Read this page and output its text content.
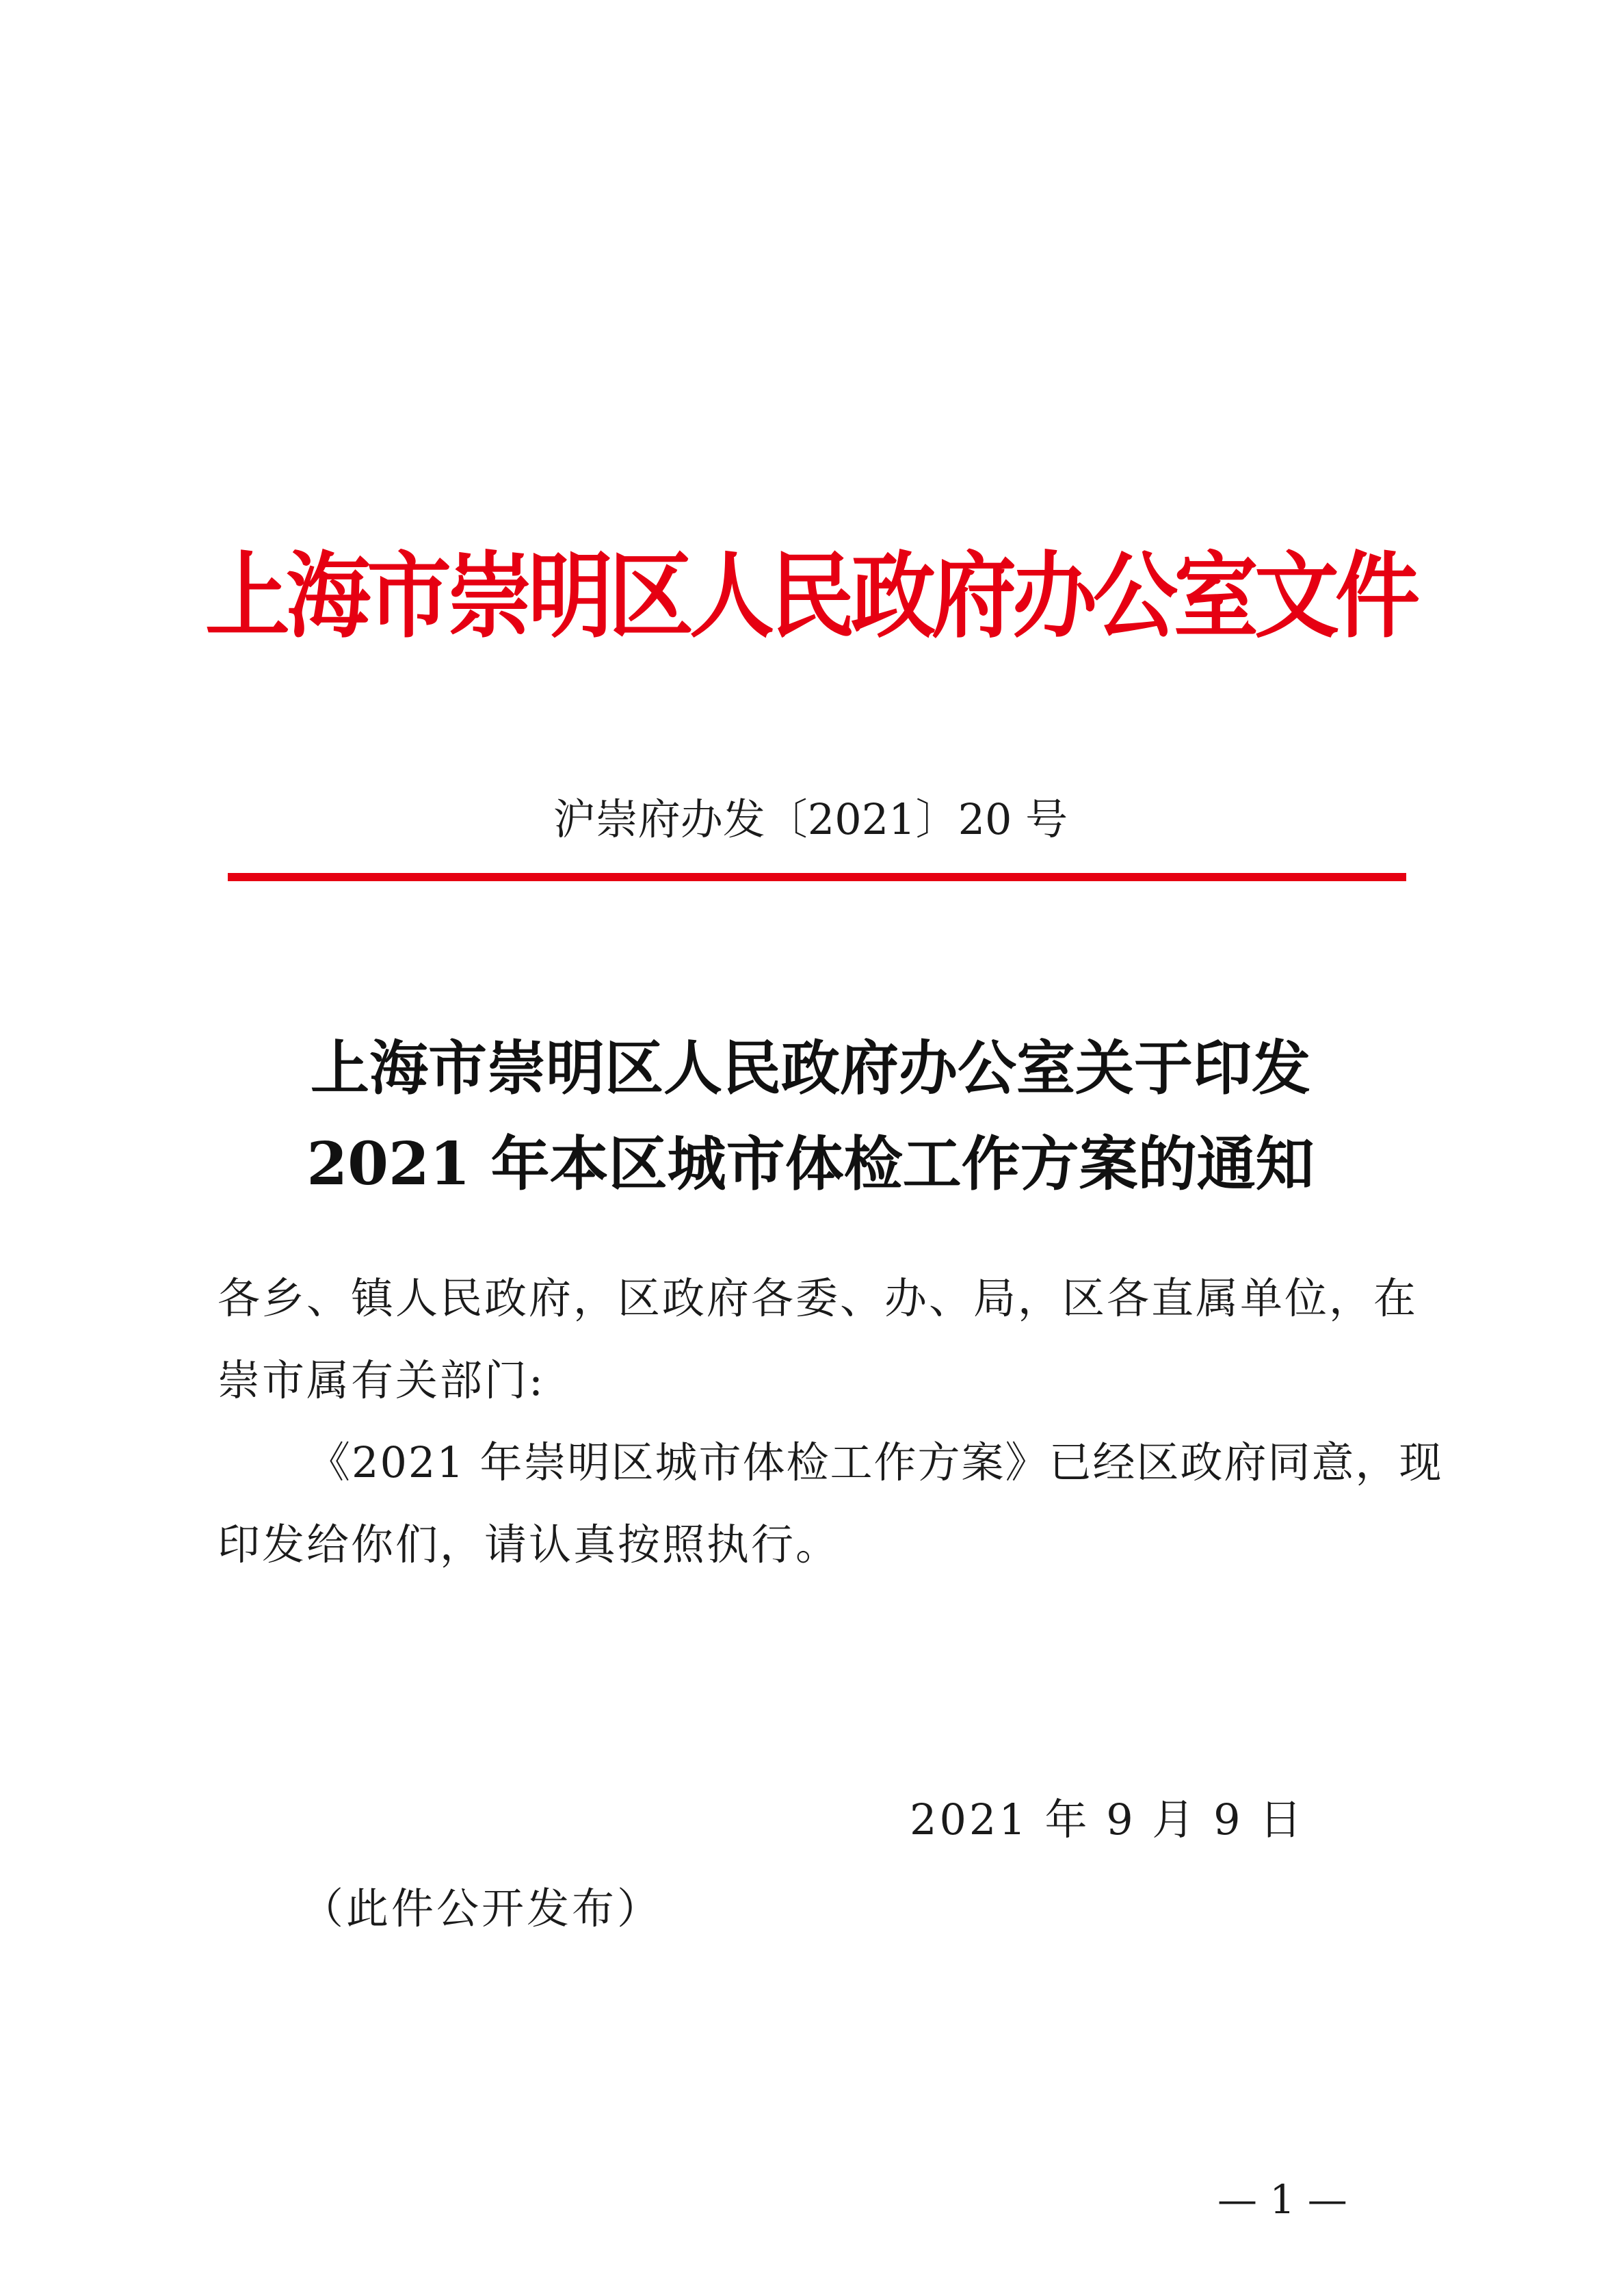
上海市崇明区人民政府办公室文件
沪崇府办发〔2021〕20 号
上海市崇明区人民政府办公室关于印发
2021 年本区城市体检工作方案的通知
各乡、镇人民政府，区政府各委、办、局，区各直属单位，在
崇市属有关部门:
《2021 年崇明区城市体检工作方案》已经区政府同意，现
印发给你们，请认真按照执行。
2021 年 9 月 9 日
（此件公开发布）
— 1 —
